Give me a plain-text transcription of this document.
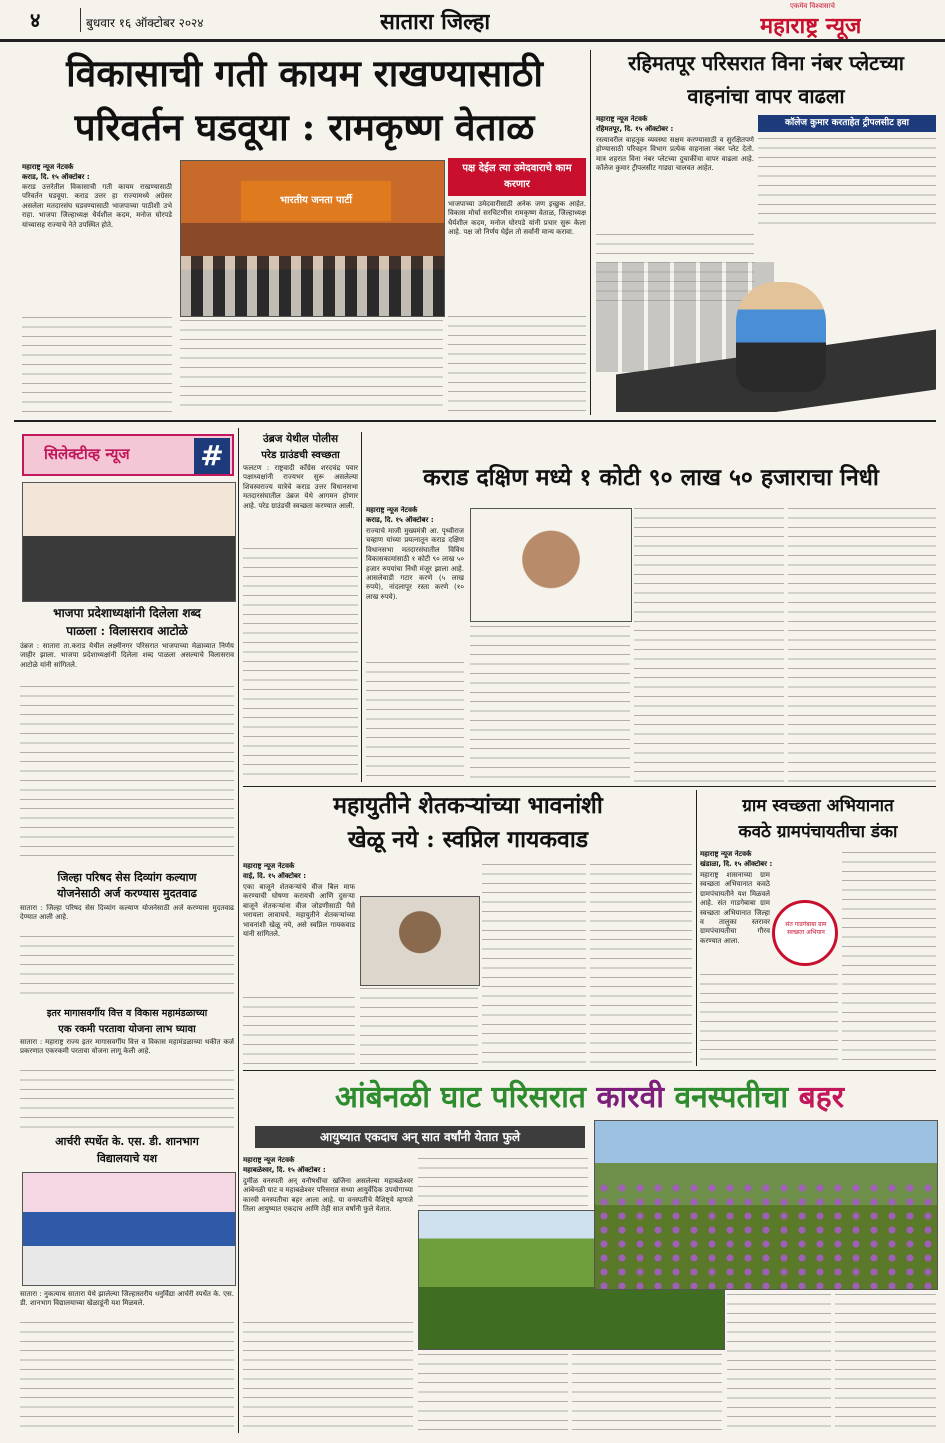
४	बुधवार १६ ऑक्टोबर २०२४	सातारा जिल्हा
एकमेव विश्वासाचे
महाराष्ट्र न्यूज
विकासाची गती कायम राखण्यासाठी
परिवर्तन घडवूया : रामकृष्ण वेताळ
महाराष्ट्र न्यूज नेटवर्क
कराड, दि. १५ ऑक्टोबर :
कराड उत्तरेतील विकासाची गती कायम राखण्यासाठी परिवर्तन घडवूया. कराड उत्तर हा राज्यामध्ये अग्रेसर असलेला मतदारसंघ घडवण्यासाठी भाजपाच्या पाठीशी उभे राहा. भाजपा जिल्हाध्यक्ष धैर्यशील कदम, मनोज घोरपडे यांच्यासह राज्याचे नेते उपस्थित होते.
भारतीय जनता पार्टी
पक्ष देईल त्या उमेदवाराचे काम करणार
भाजपाच्या उमेदवारीसाठी अनेक जण इच्छुक आहेत. विकास मोर्चा सरचिटणीस रामकृष्ण वेताळ, जिल्हाध्यक्ष धैर्यशील कदम, मनोज घोरपडे यांनी प्रचार सुरू केला आहे. पक्ष जो निर्णय घेईल तो सर्वांनी मान्य करावा.
रहिमतपूर परिसरात विना नंबर प्लेटच्या
वाहनांचा वापर वाढला
कॉलेज कुमार करताहेत ट्रीपलसीट हवा
महाराष्ट्र न्यूज नेटवर्क
रहिमतपूर, दि. १५ ऑक्टोबर :
रस्त्यावरील वाहतूक व्यवस्था सक्षम करण्यासाठी व सुरक्षितपणे होण्यासाठी परिवहन विभाग प्रत्येक वाहनाला नंबर प्लेट देतो. मात्र शहरात विना नंबर प्लेटच्या दुचाकींचा वापर वाढला आहे. कॉलेज कुमार ट्रीपलसीट गाड्या चालवत आहेत.
सिलेक्टीव्ह न्यूज	#
भाजपा प्रदेशाध्यक्षांनी दिलेला शब्द
पाळला : विलासराव आटोळे
उंब्रज : सातारा ता.कराड येथील लक्ष्मीनगर परिसरात भाजपाच्या मेळाव्यात निर्णय जाहीर झाला. भाजपा प्रदेशाध्यक्षांनी दिलेला शब्द पाळला असल्याचे विलासराव आटोळे यांनी सांगितले.
जिल्हा परिषद सेस दिव्यांग कल्याण
योजनेसाठी अर्ज करण्यास मुदतवाढ
सातारा : जिल्हा परिषद सेस दिव्यांग कल्याण योजनेसाठी अर्ज करण्यास मुदतवाढ देण्यात आली आहे.
इतर मागासवर्गीय वित्त व विकास महामंडळाच्या
एक रकमी परतावा योजना लाभ घ्यावा
सातारा : महाराष्ट्र राज्य इतर मागासवर्गीय वित्त व विकास महामंडळाच्या थकीत कर्ज प्रकरणात एकरकमी परतावा योजना लागू केली आहे.
आर्चरी स्पर्धेत के. एस. डी. शानभाग
विद्यालयाचे यश
सातारा : नुकत्याच सातारा येथे झालेल्या जिल्हास्तरीय धनुर्विद्या आर्चरी स्पर्धेत के. एस. डी. शानभाग विद्यालयाच्या खेळाडूंनी यश मिळवले.
उंब्रज येथील पोलीस
परेड ग्राउंडची स्वच्छता
फलटण : राष्ट्रवादी काँग्रेस शरदचंद्र पवार पक्षाध्यक्षांनी राज्यभर सुरू असलेल्या शिवस्वराज्य यात्रेचे कराड उत्तर विधानसभा मतदारसंघातील उंब्रज येथे आगमन होणार आहे. परेड ग्राउंडची स्वच्छता करण्यात आली.
कराड दक्षिण मध्ये १ कोटी ९० लाख ५० हजाराचा निधी
महाराष्ट्र न्यूज नेटवर्क
कराड, दि. १५ ऑक्टोबर :
राज्याचे माजी मुख्यमंत्री आ. पृथ्वीराज चव्हाण यांच्या प्रयत्नातून कराड दक्षिण विधानसभा मतदारसंघातील विविध विकासकामांसाठी १ कोटी ९० लाख ५० हजार रुपयांचा निधी मंजूर झाला आहे. आसलेवाडी गटार करणे (५ लाख रुपये), नांदलापूर रस्ता करणे (१० लाख रुपये).
महायुतीने शेतकऱ्यांच्या भावनांशी
खेळू नये : स्वप्निल गायकवाड
महाराष्ट्र न्यूज नेटवर्क
वाई, दि. १५ ऑक्टोबर :
एका बाजूने शेतकऱ्यांचे वीज बिल माफ करण्याची घोषणा करायची आणि दुसऱ्या बाजूने शेतकऱ्यांना वीज जोडणीसाठी पैसे भरायला लावायचे. महायुतीने शेतकऱ्यांच्या भावनांशी खेळू नये, असे स्वप्निल गायकवाड यांनी सांगितले.
ग्राम स्वच्छता अभियानात
कवठे ग्रामपंचायतीचा डंका
महाराष्ट्र न्यूज नेटवर्क
खंडाळा, दि. १५ ऑक्टोबर :
महाराष्ट्र शासनाच्या ग्राम स्वच्छता अभियानात कवठे ग्रामपंचायतीने यश मिळवले आहे. संत गाडगेबाबा ग्राम स्वच्छता अभियानात जिल्हा व तालुका स्तरावर ग्रामपंचायतीचा गौरव करण्यात आला.
संत गाडगेबाबा ग्राम स्वच्छता अभियान
आंबेनळी घाट परिसरात कारवी वनस्पतीचा बहर
आयुष्यात एकदाच अन् सात वर्षांनी येतात फुले
महाराष्ट्र न्यूज नेटवर्क
महाबळेश्वर, दि. १५ ऑक्टोबर :
दुर्मीळ वनस्पती अन् वनौषधींचा खजिना असलेल्या महाबळेश्वर आंबेनळी घाट व महाबळेश्वर परिसरात सध्या आयुर्वेदिक उपयोगाच्या कारवी वनस्पतीचा बहर आला आहे. या वनस्पतीचे वैशिष्ट्ये म्हणजे तिला आयुष्यात एकदाच आणि तेही सात वर्षांनी फुले येतात.
